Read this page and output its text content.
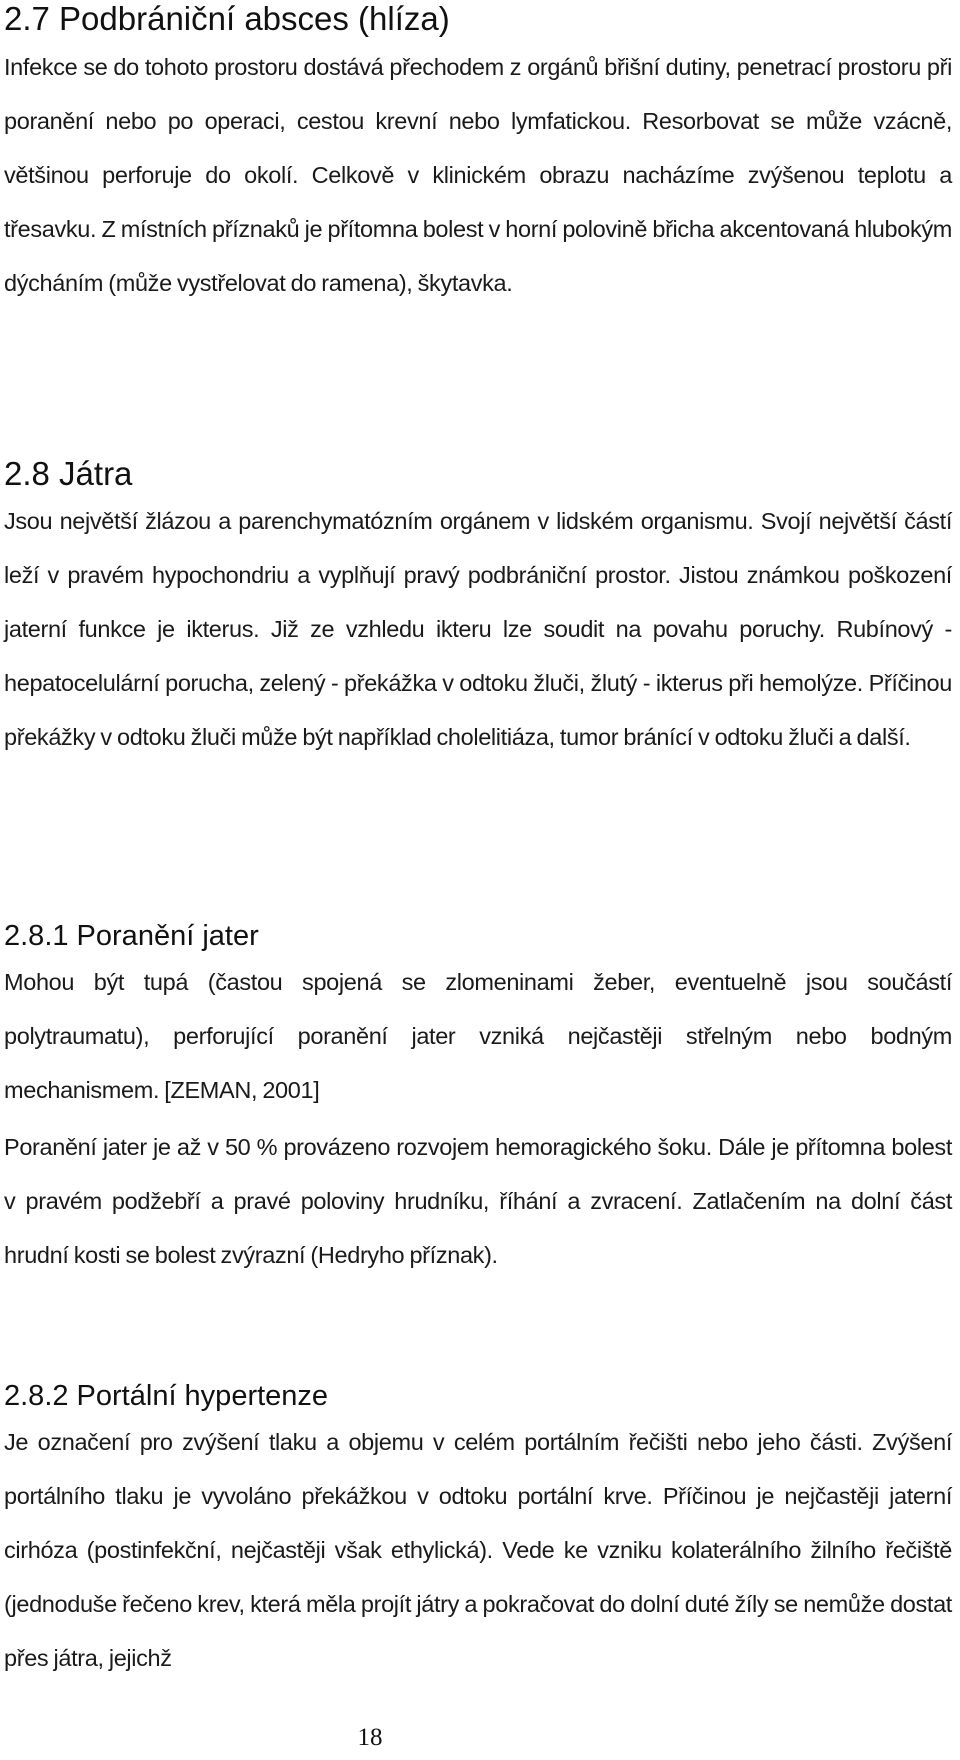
2.7 Podbrániční absces (hlíza)

Infekce se do tohoto prostoru dostává přechodem z orgánů břišní dutiny, penetrací prostoru při poranění nebo po operaci, cestou krevní nebo lymfatickou. Resorbovat se může vzácně, většinou perforuje do okolí. Celkově v klinickém obrazu nacházíme zvýšenou teplotu a třesavku. Z místních příznaků je přítomna bolest v horní polovině břicha akcentovaná hlubokým dýcháním (může vystřelovat do ramena), škytavka.

2.8 Játra

Jsou největší žlázou a parenchymatózním orgánem v lidském organismu. Svojí největší částí leží v pravém hypochondriu a vyplňují pravý podbrániční prostor. Jistou známkou poškození jaterní funkce je ikterus. Již ze vzhledu ikteru lze soudit na povahu poruchy. Rubínový - hepatocelulární porucha, zelený - překážka v odtoku žluči, žlutý - ikterus při hemolýze. Příčinou překážky v odtoku žluči může být například cholelitiáza, tumor bránící v odtoku žluči a další.

2.8.1 Poranění jater

Mohou být tupá (častou spojená se zlomeninami žeber, eventuelně jsou součástí polytraumatu), perforující poranění jater vzniká nejčastěji střelným nebo bodným mechanismem. [ZEMAN, 2001]

Poranění jater je až v 50 % provázeno rozvojem hemoragického šoku. Dále je přítomna bolest v pravém podžebří a pravé poloviny hrudníku, říhání a zvracení. Zatlačením na dolní část hrudní kosti se bolest zvýrazní (Hedryho příznak).

2.8.2 Portální hypertenze

Je označení pro zvýšení tlaku a objemu v celém portálním řečišti nebo jeho části. Zvýšení portálního tlaku je vyvoláno překážkou v odtoku portální krve. Příčinou je nejčastěji jaterní cirhóza (postinfekční, nejčastěji však ethylická). Vede ke vzniku kolaterálního žilního řečiště (jednoduše řečeno krev, která měla projít játry a pokračovat do dolní duté žíly se nemůže dostat přes játra, jejichž

18
